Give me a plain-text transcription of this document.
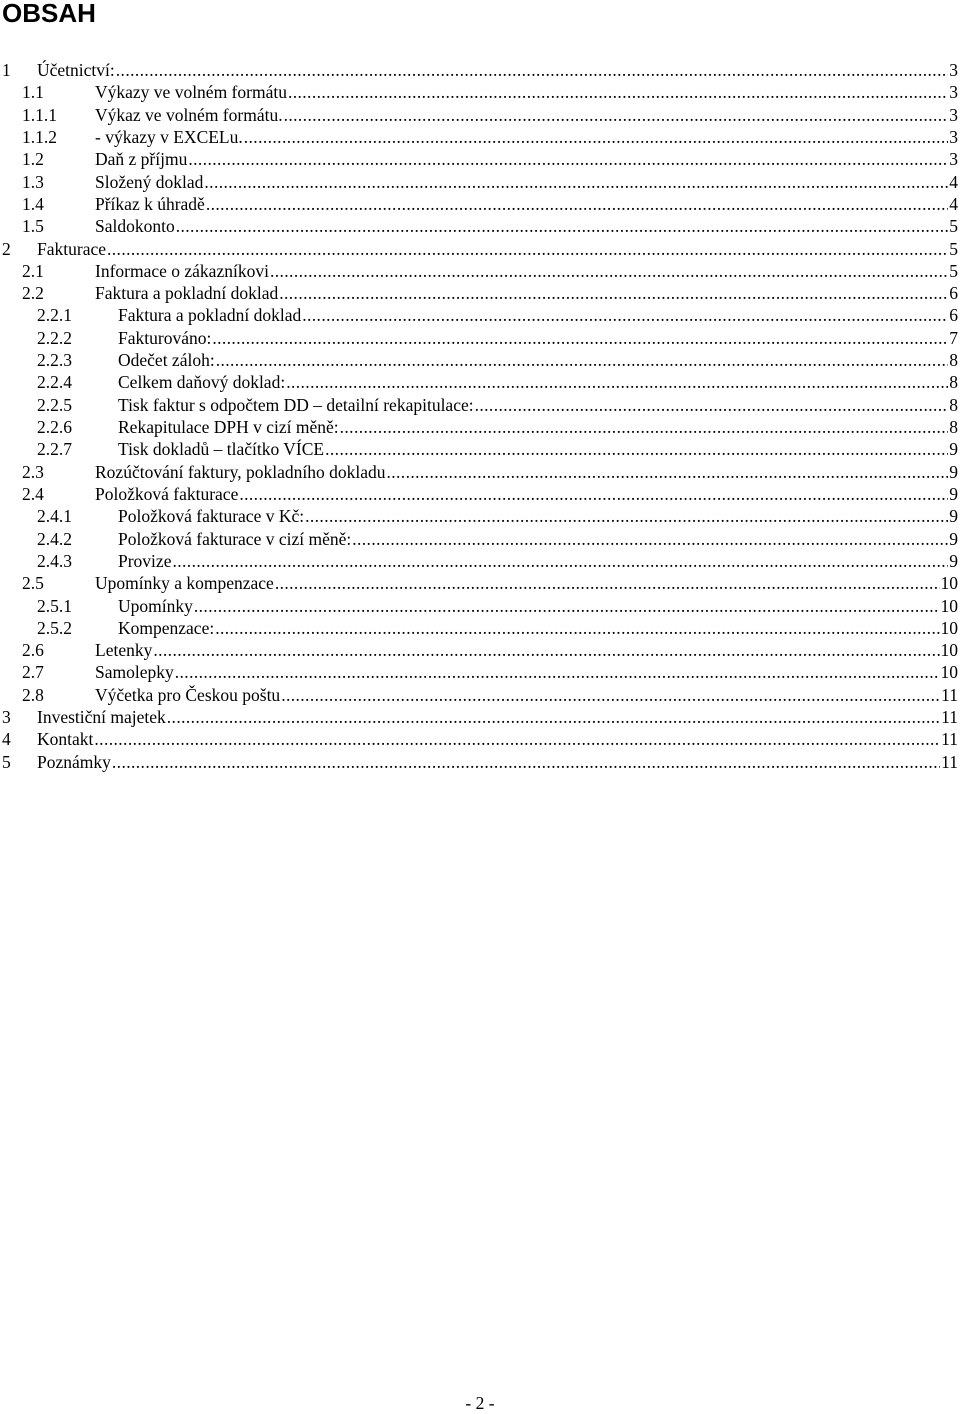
OBSAH
1 Účetnictví: .....	3
1.1	Výkazy ve volném formátu .....	3
1.1.1 Výkaz ve volném formátu. .....	3
1.1.2 - výkazy v EXCELu. .....	3
1.2	Daň z příjmu .....	3
1.3	Složený doklad .....	4
1.4	Příkaz k úhradě .....	4
1.5	Saldokonto .....	5
2 Fakturace .....	5
2.1	Informace o zákazníkovi .....	5
2.2	Faktura a pokladní doklad .....	6
2.2.1	Faktura a pokladní doklad .....	6
2.2.2	Fakturováno: .....	7
2.2.3	Odečet záloh: .....	8
2.2.4	Celkem daňový doklad: .....	8
2.2.5	Tisk faktur s odpočtem DD – detailní rekapitulace: .....	8
2.2.6	Rekapitulace DPH v cizí měně: .....	8
2.2.7	Tisk dokladů – tlačítko VÍCE .....	9
2.3	Rozúčtování faktury, pokladního dokladu .....	9
2.4	Položková fakturace .....	9
2.4.1	Položková fakturace v Kč: .....	9
2.4.2	Položková fakturace v cizí měně: .....	9
2.4.3	Provize .....	9
2.5	Upomínky a kompenzace .....	10
2.5.1	Upomínky .....	10
2.5.2	Kompenzace: .....	10
2.6	Letenky .....	10
2.7	Samolepky .....	10
2.8	Výčetka pro Českou poštu .....	11
3 Investiční majetek .....	11
4 Kontakt .....	11
5 Poznámky .....	11
- 2 -
